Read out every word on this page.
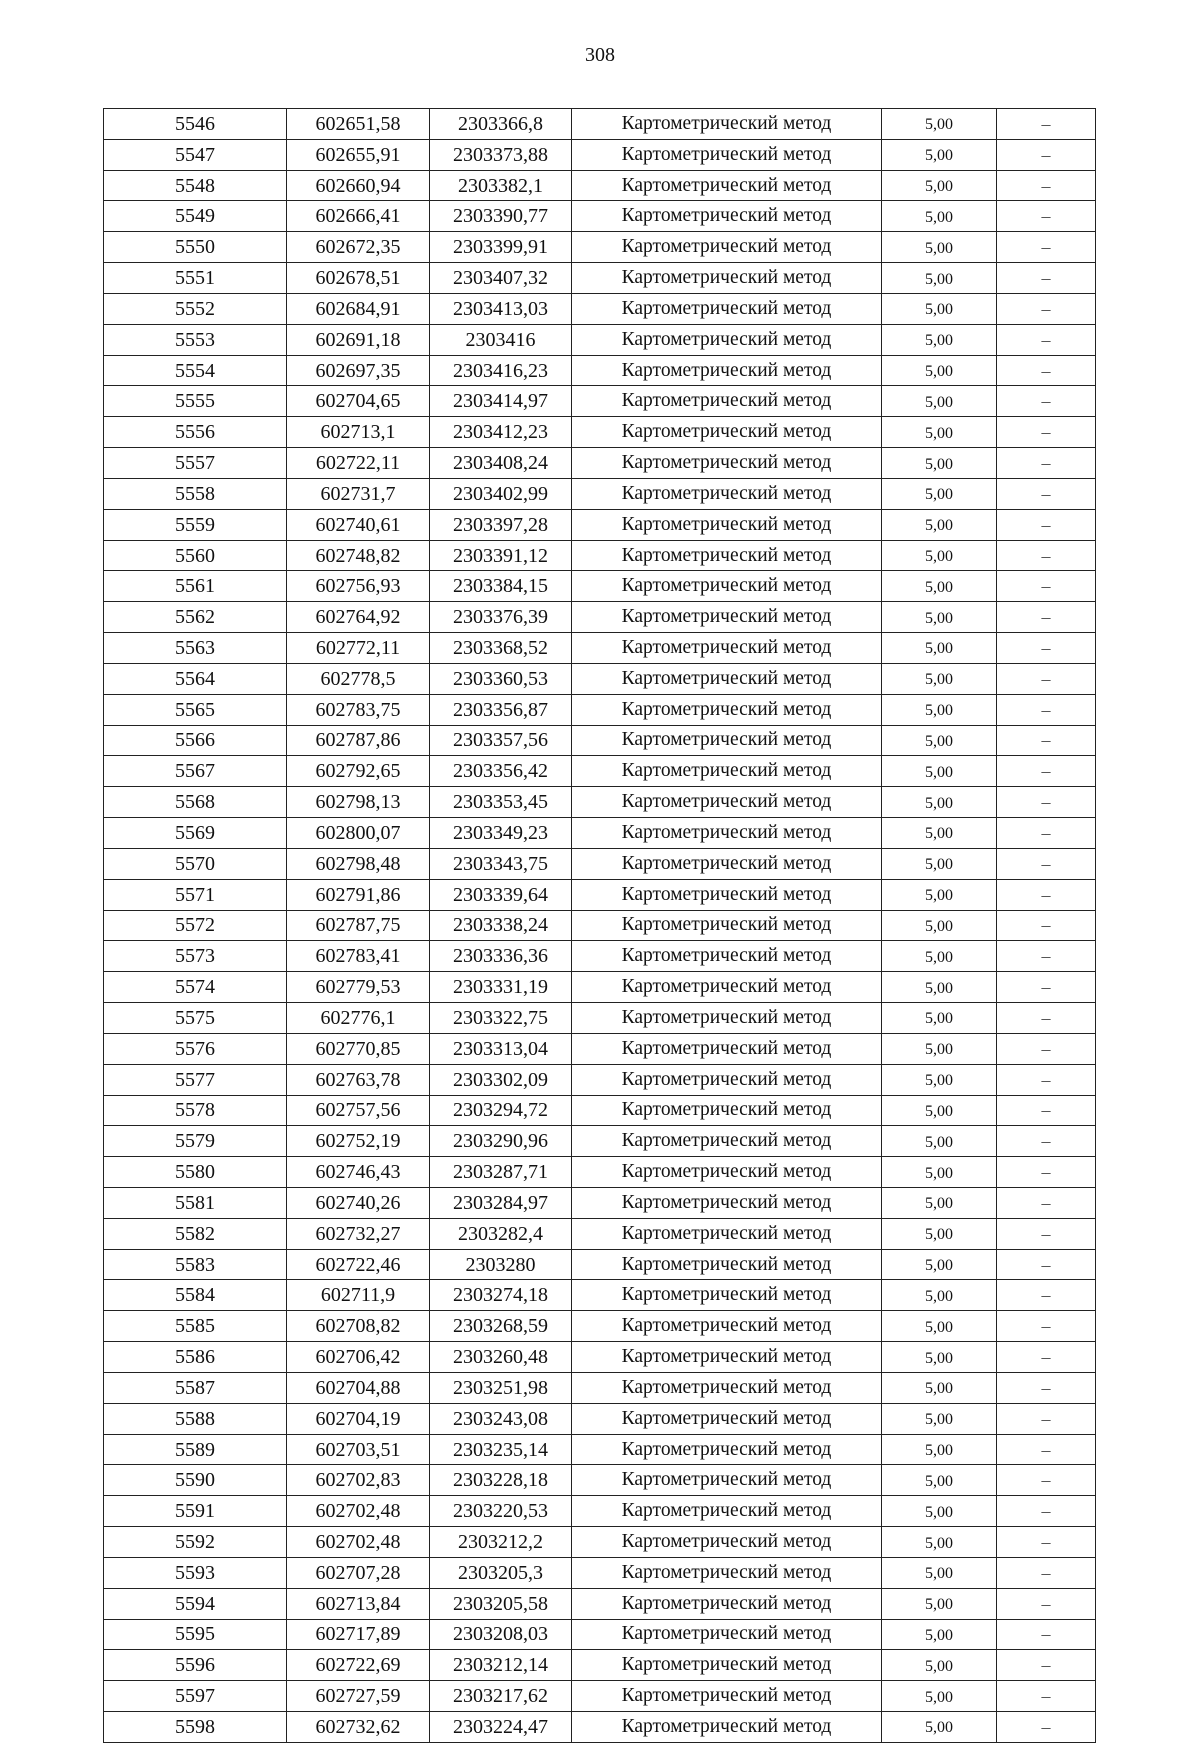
308
5546	602651,58	2303366,8	Картометрический метод	5,00	–
5547	602655,91	2303373,88	Картометрический метод	5,00	–
5548	602660,94	2303382,1	Картометрический метод	5,00	–
5549	602666,41	2303390,77	Картометрический метод	5,00	–
5550	602672,35	2303399,91	Картометрический метод	5,00	–
5551	602678,51	2303407,32	Картометрический метод	5,00	–
5552	602684,91	2303413,03	Картометрический метод	5,00	–
5553	602691,18	2303416	Картометрический метод	5,00	–
5554	602697,35	2303416,23	Картометрический метод	5,00	–
5555	602704,65	2303414,97	Картометрический метод	5,00	–
5556	602713,1	2303412,23	Картометрический метод	5,00	–
5557	602722,11	2303408,24	Картометрический метод	5,00	–
5558	602731,7	2303402,99	Картометрический метод	5,00	–
5559	602740,61	2303397,28	Картометрический метод	5,00	–
5560	602748,82	2303391,12	Картометрический метод	5,00	–
5561	602756,93	2303384,15	Картометрический метод	5,00	–
5562	602764,92	2303376,39	Картометрический метод	5,00	–
5563	602772,11	2303368,52	Картометрический метод	5,00	–
5564	602778,5	2303360,53	Картометрический метод	5,00	–
5565	602783,75	2303356,87	Картометрический метод	5,00	–
5566	602787,86	2303357,56	Картометрический метод	5,00	–
5567	602792,65	2303356,42	Картометрический метод	5,00	–
5568	602798,13	2303353,45	Картометрический метод	5,00	–
5569	602800,07	2303349,23	Картометрический метод	5,00	–
5570	602798,48	2303343,75	Картометрический метод	5,00	–
5571	602791,86	2303339,64	Картометрический метод	5,00	–
5572	602787,75	2303338,24	Картометрический метод	5,00	–
5573	602783,41	2303336,36	Картометрический метод	5,00	–
5574	602779,53	2303331,19	Картометрический метод	5,00	–
5575	602776,1	2303322,75	Картометрический метод	5,00	–
5576	602770,85	2303313,04	Картометрический метод	5,00	–
5577	602763,78	2303302,09	Картометрический метод	5,00	–
5578	602757,56	2303294,72	Картометрический метод	5,00	–
5579	602752,19	2303290,96	Картометрический метод	5,00	–
5580	602746,43	2303287,71	Картометрический метод	5,00	–
5581	602740,26	2303284,97	Картометрический метод	5,00	–
5582	602732,27	2303282,4	Картометрический метод	5,00	–
5583	602722,46	2303280	Картометрический метод	5,00	–
5584	602711,9	2303274,18	Картометрический метод	5,00	–
5585	602708,82	2303268,59	Картометрический метод	5,00	–
5586	602706,42	2303260,48	Картометрический метод	5,00	–
5587	602704,88	2303251,98	Картометрический метод	5,00	–
5588	602704,19	2303243,08	Картометрический метод	5,00	–
5589	602703,51	2303235,14	Картометрический метод	5,00	–
5590	602702,83	2303228,18	Картометрический метод	5,00	–
5591	602702,48	2303220,53	Картометрический метод	5,00	–
5592	602702,48	2303212,2	Картометрический метод	5,00	–
5593	602707,28	2303205,3	Картометрический метод	5,00	–
5594	602713,84	2303205,58	Картометрический метод	5,00	–
5595	602717,89	2303208,03	Картометрический метод	5,00	–
5596	602722,69	2303212,14	Картометрический метод	5,00	–
5597	602727,59	2303217,62	Картометрический метод	5,00	–
5598	602732,62	2303224,47	Картометрический метод	5,00	–
